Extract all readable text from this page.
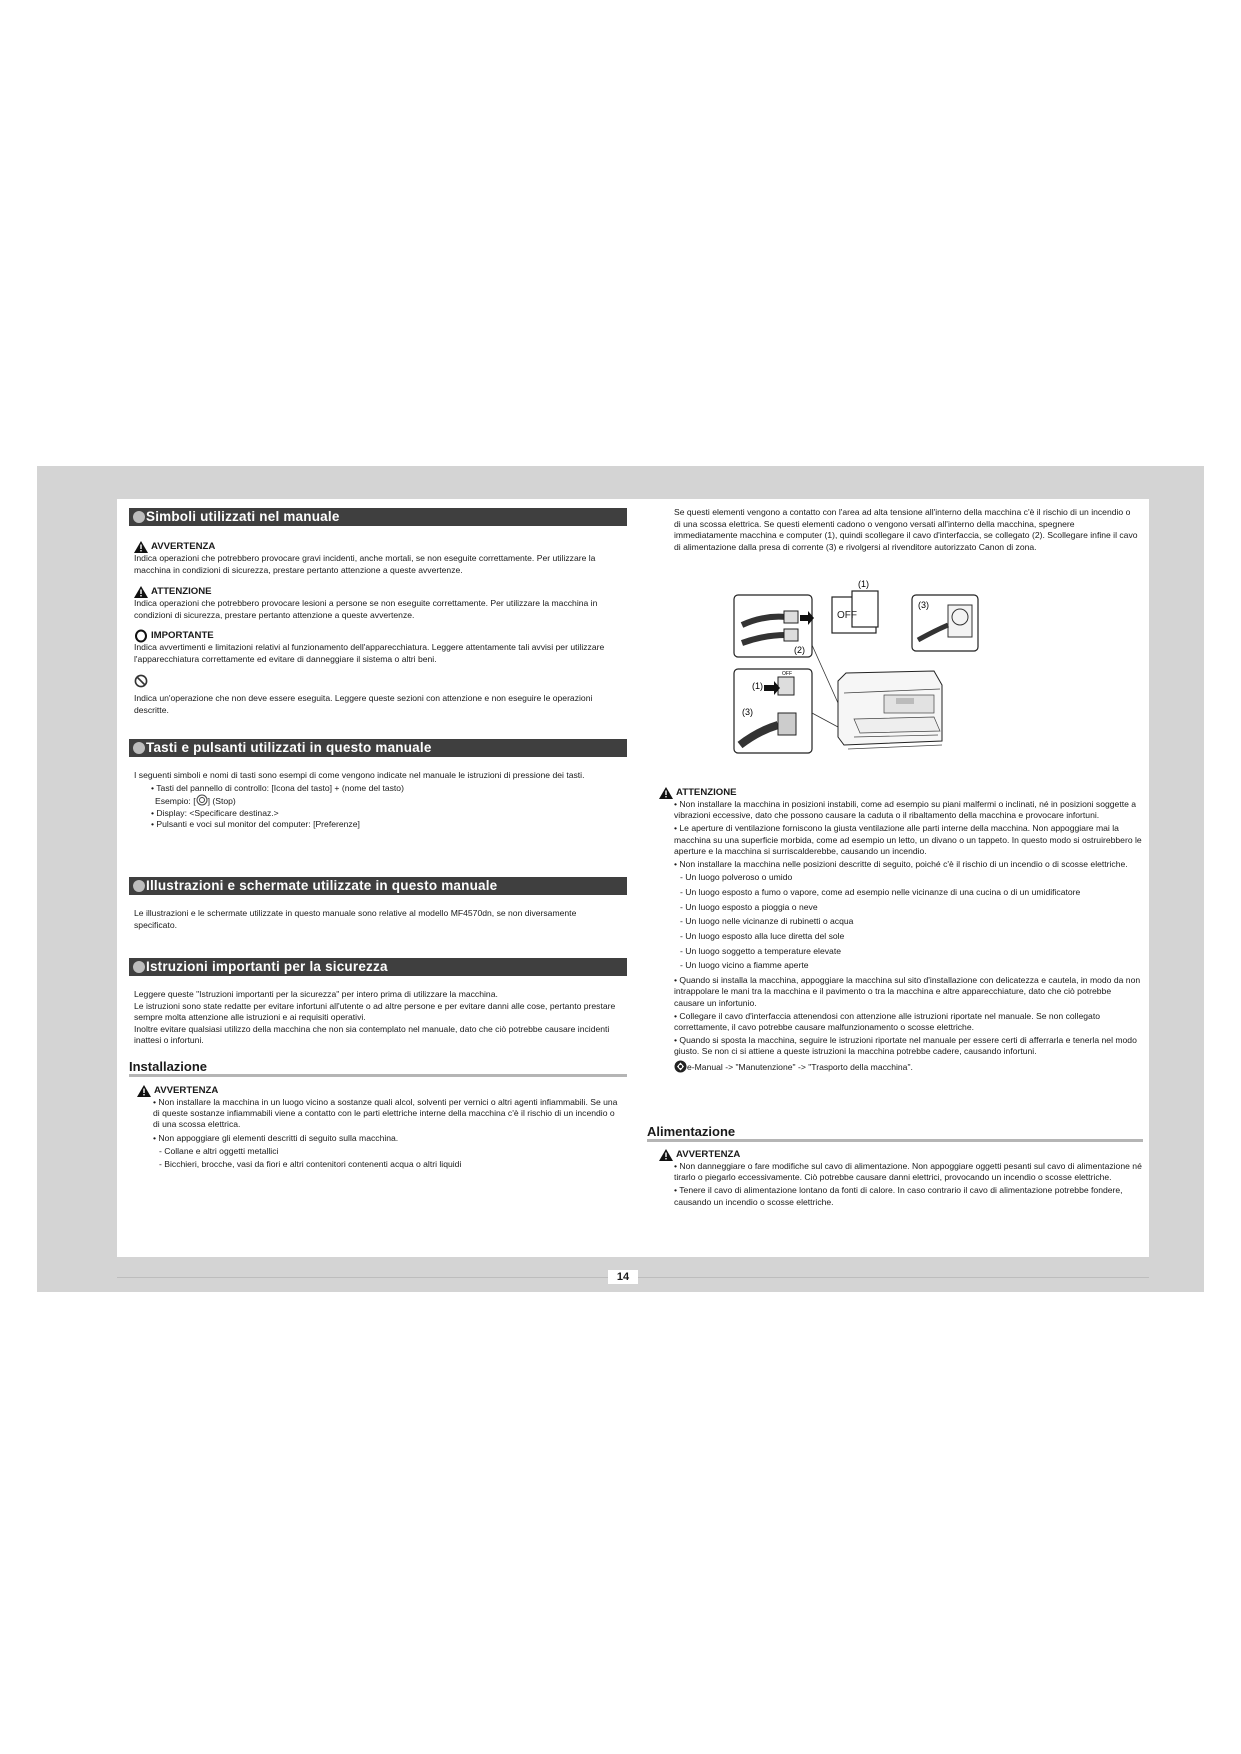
Simboli utilizzati nel manuale
AVVERTENZA

Indica operazioni che potrebbero provocare gravi incidenti, anche mortali, se non eseguite correttamente. Per utilizzare la macchina in condizioni di sicurezza, prestare pertanto attenzione a queste avvertenze.

ATTENZIONE

Indica operazioni che potrebbero provocare lesioni a persone se non eseguite correttamente. Per utilizzare la macchina in condizioni di sicurezza, prestare pertanto attenzione a queste avvertenze.

IMPORTANTE

Indica avvertimenti e limitazioni relativi al funzionamento dell'apparecchiatura. Leggere attentamente tali avvisi per utilizzare l'apparecchiatura correttamente ed evitare di danneggiare il sistema o altri beni.

Indica un'operazione che non deve essere eseguita. Leggere queste sezioni con attenzione e non eseguire le operazioni descritte.

Tasti e pulsanti utilizzati in questo manuale

I seguenti simboli e nomi di tasti sono esempi di come vengono indicate nel manuale le istruzioni di pressione dei tasti.

• Tasti del pannello di controllo: [Icona del tasto] + (nome del tasto)

Esempio: [ ] (Stop)

• Display: <Specificare destinaz.>

• Pulsanti e voci sul monitor del computer: [Preferenze]

Illustrazioni e schermate utilizzate in questo manuale

Le illustrazioni e le schermate utilizzate in questo manuale sono relative al modello MF4570dn, se non diversamente specificato.

Istruzioni importanti per la sicurezza

Leggere queste "Istruzioni importanti per la sicurezza" per intero prima di utilizzare la macchina.

Le istruzioni sono state redatte per evitare infortuni all'utente o ad altre persone e per evitare danni alle cose, pertanto prestare sempre molta attenzione alle istruzioni e ai requisiti operativi.

Inoltre evitare qualsiasi utilizzo della macchina che non sia contemplato nel manuale, dato che ciò potrebbe causare incidenti inattesi o infortuni.

Installazione
AVVERTENZA

• Non installare la macchina in un luogo vicino a sostanze quali alcol, solventi per vernici o altri agenti infiammabili. Se una di queste sostanze infiammabili viene a contatto con le parti elettriche interne della macchina c'è il rischio di un incendio o di una scossa elettrica.

• Non appoggiare gli elementi descritti di seguito sulla macchina.

- Collane e altri oggetti metallici

- Bicchieri, brocche, vasi da fiori e altri contenitori contenenti acqua o altri liquidi

Se questi elementi vengono a contatto con l'area ad alta tensione all'interno della macchina c'è il rischio di un incendio o di una scossa elettrica. Se questi elementi cadono o vengono versati all'interno della macchina, spegnere immediatamente macchina e computer (1), quindi scollegare il cavo d'interfaccia, se collegato (2). Scollegare infine il cavo di alimentazione dalla presa di corrente (3) e rivolgersi al rivenditore autorizzato Canon di zona.

(2)
OFF
(1)
(3)
OFF
(1)
(3)
ATTENZIONE

• Non installare la macchina in posizioni instabili, come ad esempio su piani malfermi o inclinati, né in posizioni soggette a vibrazioni eccessive, dato che possono causare la caduta o il ribaltamento della macchina e provocare infortuni.

• Le aperture di ventilazione forniscono la giusta ventilazione alle parti interne della macchina. Non appoggiare mai la macchina su una superficie morbida, come ad esempio un letto, un divano o un tappeto. In questo modo si ostruirebbero le aperture e la macchina si surriscalderebbe, causando un incendio.

• Non installare la macchina nelle posizioni descritte di seguito, poiché c'è il rischio di un incendio o di scosse elettriche.

- Un luogo polveroso o umido

- Un luogo esposto a fumo o vapore, come ad esempio nelle vicinanze di una cucina o di un umidificatore

- Un luogo esposto a pioggia o neve

- Un luogo nelle vicinanze di rubinetti o acqua

- Un luogo esposto alla luce diretta del sole

- Un luogo soggetto a temperature elevate

- Un luogo vicino a fiamme aperte

• Quando si installa la macchina, appoggiare la macchina sul sito d'installazione con delicatezza e cautela, in modo da non intrappolare le mani tra la macchina e il pavimento o tra la macchina e altre apparecchiature, dato che ciò potrebbe causare un infortunio.

• Collegare il cavo d'interfaccia attenendosi con attenzione alle istruzioni riportate nel manuale. Se non collegato correttamente, il cavo potrebbe causare malfunzionamento o scosse elettriche.

• Quando si sposta la macchina, seguire le istruzioni riportate nel manuale per essere certi di afferrarla e tenerla nel modo giusto. Se non ci si attiene a queste istruzioni la macchina potrebbe cadere, causando infortuni.

e-Manual -> "Manutenzione" -> "Trasporto della macchina".

Alimentazione
AVVERTENZA

• Non danneggiare o fare modifiche sul cavo di alimentazione. Non appoggiare oggetti pesanti sul cavo di alimentazione né tirarlo o piegarlo eccessivamente. Ciò potrebbe causare danni elettrici, provocando un incendio o scosse elettriche.

• Tenere il cavo di alimentazione lontano da fonti di calore. In caso contrario il cavo di alimentazione potrebbe fondere, causando un incendio o scosse elettriche.

14
